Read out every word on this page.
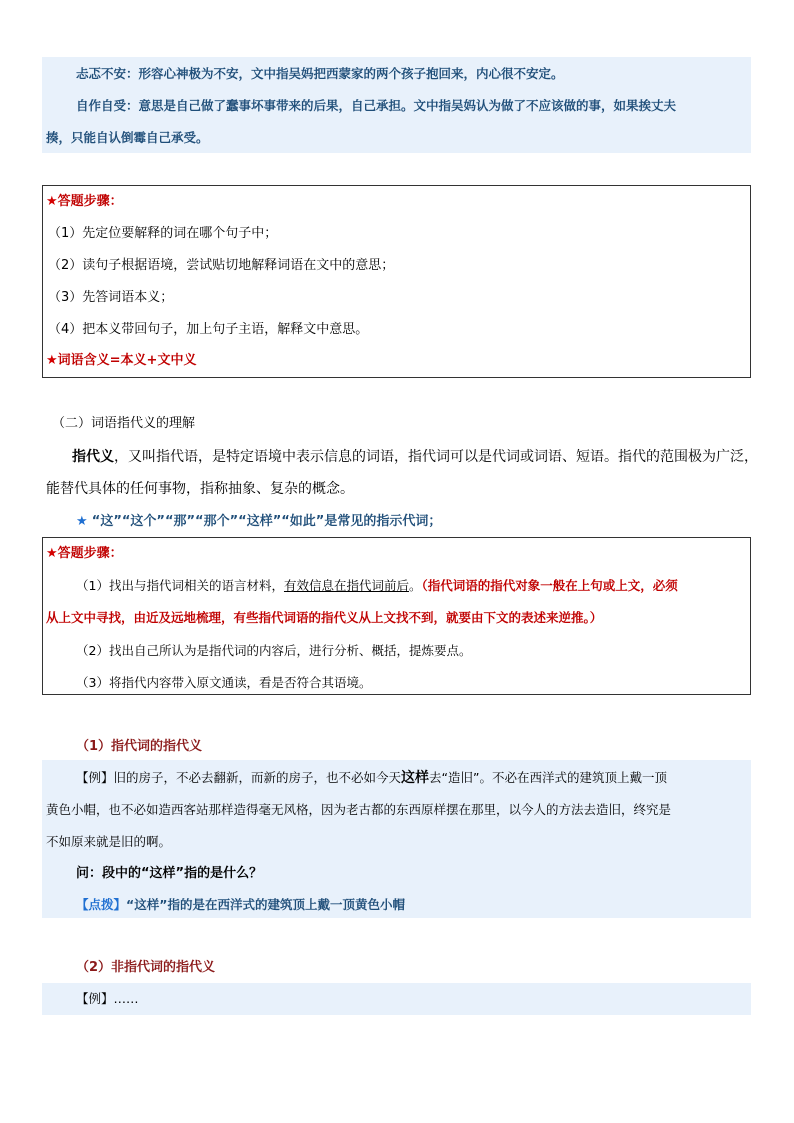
忐忑不安：形容心神极为不安，文中指吴妈把西蒙家的两个孩子抱回来，内心很不安定。
自作自受：意思是自己做了蠢事坏事带来的后果，自己承担。文中指吴妈认为做了不应该做的事，如果挨丈夫
揍，只能自认倒霉自己承受。
★答题步骤：
（1）先定位要解释的词在哪个句子中；
（2）读句子根据语境，尝试贴切地解释词语在文中的意思；
（3）先答词语本义；
（4）把本义带回句子，加上句子主语，解释文中意思。
★词语含义=本义+文中义
（二）词语指代义的理解
指代义，又叫指代语，是特定语境中表示信息的词语，指代词可以是代词或词语、短语。指代的范围极为广泛，
能替代具体的任何事物，指称抽象、复杂的概念。
★ “这”“这个”“那”“那个”“这样”“如此”是常见的指示代词；
★答题步骤：
（1）找出与指代词相关的语言材料，有效信息在指代词前后。（指代词语的指代对象一般在上句或上文，必须
从上文中寻找，由近及远地梳理，有些指代词语的指代义从上文找不到，就要由下文的表述来逆推。）
（2）找出自己所认为是指代词的内容后，进行分析、概括，提炼要点。
（3）将指代内容带入原文通读，看是否符合其语境。
（1）指代词的指代义
【例】旧的房子，不必去翻新，而新的房子，也不必如今天这样去“造旧”。不必在西洋式的建筑顶上戴一顶
黄色小帽，也不必如造西客站那样造得毫无风格，因为老古都的东西原样摆在那里，以今人的方法去造旧，终究是
不如原来就是旧的啊。
问：段中的“这样”指的是什么？
【点拨】“这样”指的是在西洋式的建筑顶上戴一顶黄色小帽
（2）非指代词的指代义
【例】……
